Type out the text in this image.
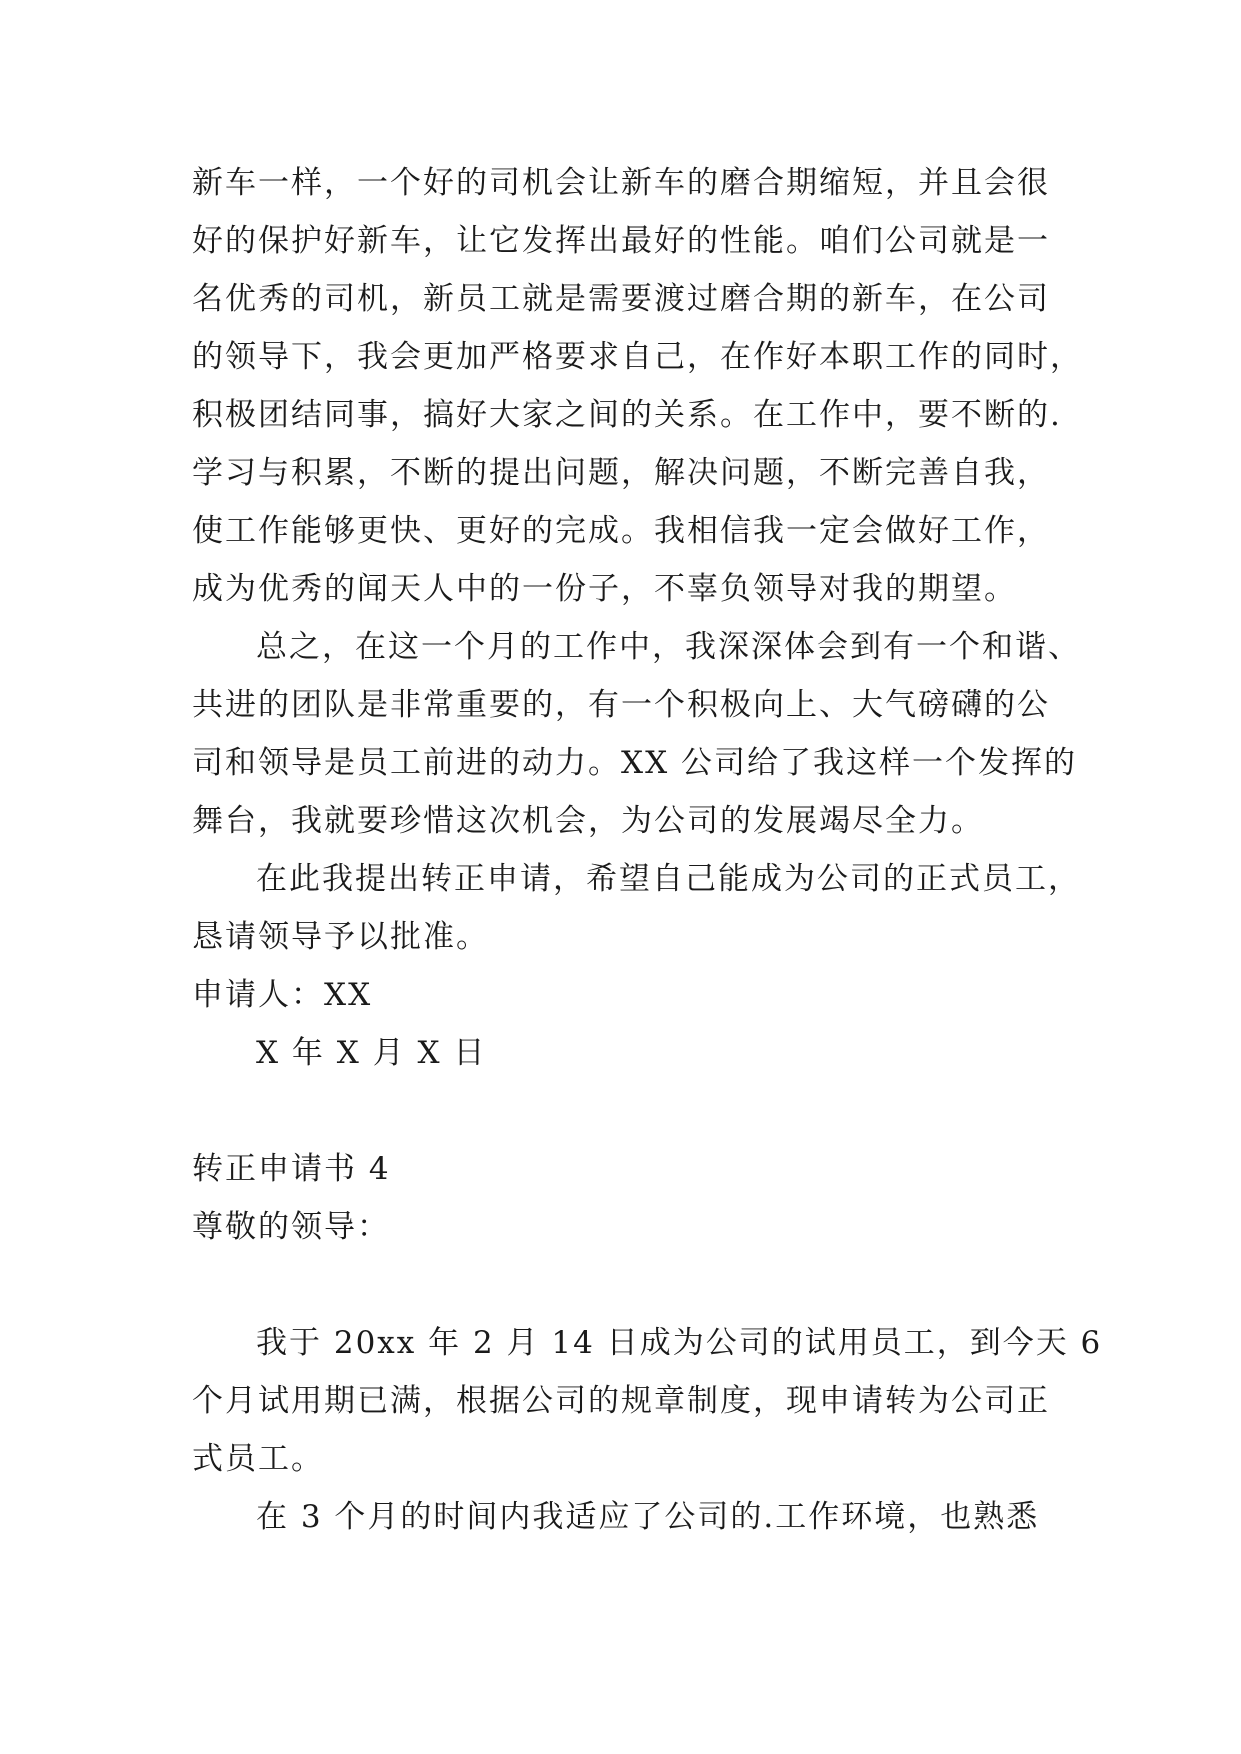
新车一样，一个好的司机会让新车的磨合期缩短，并且会很
好的保护好新车，让它发挥出最好的性能。咱们公司就是一
名优秀的司机，新员工就是需要渡过磨合期的新车，在公司
的领导下，我会更加严格要求自己，在作好本职工作的同时，
积极团结同事，搞好大家之间的关系。在工作中，要不断的.
学习与积累，不断的提出问题，解决问题，不断完善自我，
使工作能够更快、更好的完成。我相信我一定会做好工作，
成为优秀的闻天人中的一份子，不辜负领导对我的期望。
总之，在这一个月的工作中，我深深体会到有一个和谐、
共进的团队是非常重要的，有一个积极向上、大气磅礴的公
司和领导是员工前进的动力。XX 公司给了我这样一个发挥的
舞台，我就要珍惜这次机会，为公司的发展竭尽全力。
在此我提出转正申请，希望自己能成为公司的正式员工，
恳请领导予以批准。
申请人：XX
X 年 X 月 X 日
转正申请书 4
尊敬的领导：
我于 20xx 年 2 月 14 日成为公司的试用员工，到今天 6
个月试用期已满，根据公司的规章制度，现申请转为公司正
式员工。
在 3 个月的时间内我适应了公司的.工作环境，也熟悉
